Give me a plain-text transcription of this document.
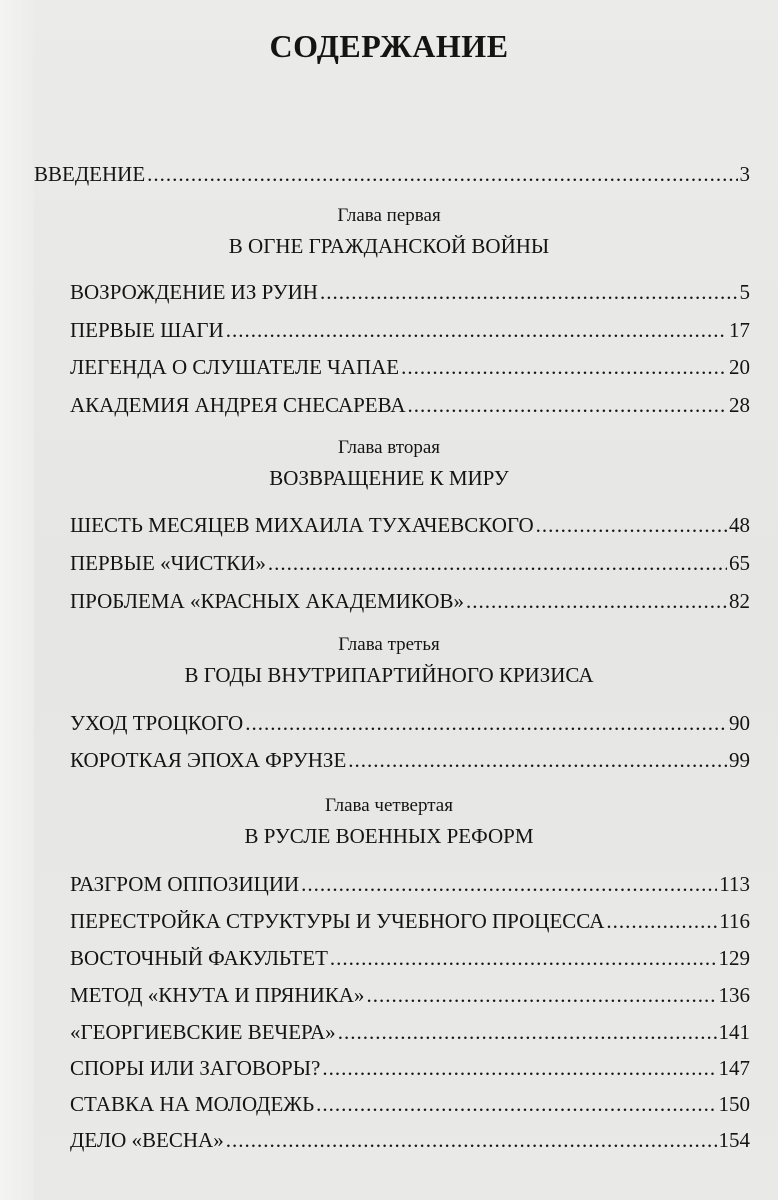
СОДЕРЖАНИЕ
ВВЕДЕНИЕ .....	3
Глава первая
В ОГНЕ ГРАЖДАНСКОЙ ВОЙНЫ
ВОЗРОЖДЕНИЕ ИЗ РУИН .....	5
ПЕРВЫЕ ШАГИ .....	17
ЛЕГЕНДА О СЛУШАТЕЛЕ ЧАПАЕ .....	20
АКАДЕМИЯ АНДРЕЯ СНЕСАРЕВА .....	28
Глава вторая
ВОЗВРАЩЕНИЕ К МИРУ
ШЕСТЬ МЕСЯЦЕВ МИХАИЛА ТУХАЧЕВСКОГО .....	48
ПЕРВЫЕ «ЧИСТКИ» .....	65
ПРОБЛЕМА «КРАСНЫХ АКАДЕМИКОВ» .....	82
Глава третья
В ГОДЫ ВНУТРИПАРТИЙНОГО КРИЗИСА
УХОД ТРОЦКОГО .....	90
КОРОТКАЯ ЭПОХА ФРУНЗЕ .....	99
Глава четвертая
В РУСЛЕ ВОЕННЫХ РЕФОРМ
РАЗГРОМ ОППОЗИЦИИ .....	113
ПЕРЕСТРОЙКА СТРУКТУРЫ И УЧЕБНОГО ПРОЦЕССА .....	116
ВОСТОЧНЫЙ ФАКУЛЬТЕТ .....	129
МЕТОД «КНУТА И ПРЯНИКА» .....	136
«ГЕОРГИЕВСКИЕ ВЕЧЕРА» .....	141
СПОРЫ ИЛИ ЗАГОВОРЫ? .....	147
СТАВКА НА МОЛОДЕЖЬ .....	150
ДЕЛО «ВЕСНА» .....	154
